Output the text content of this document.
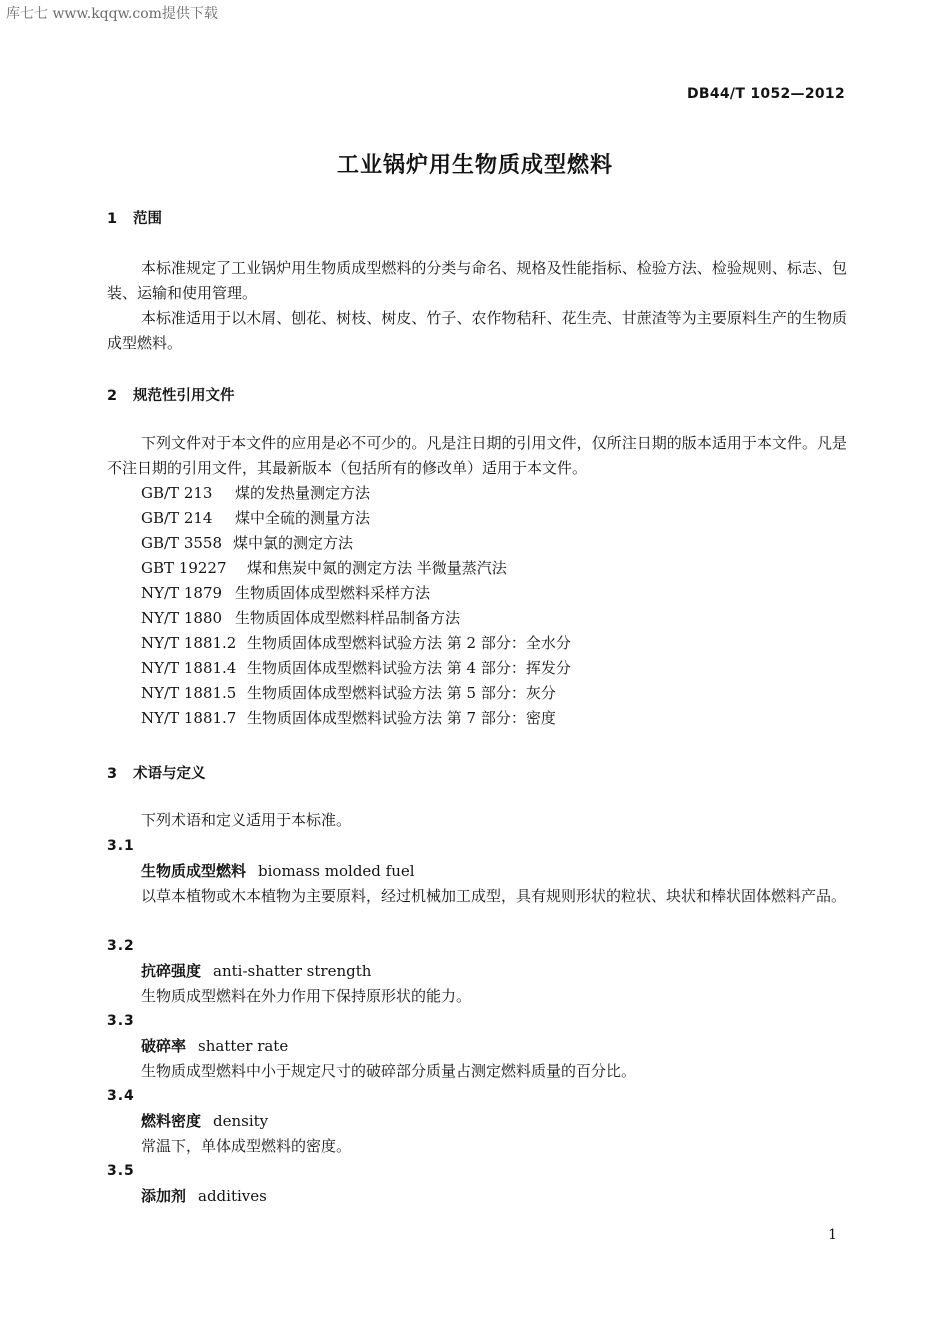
库七七 www.kqqw.com提供下载
DB44/T 1052—2012
工业锅炉用生物质成型燃料
1 范围
本标准规定了工业锅炉用生物质成型燃料的分类与命名、规格及性能指标、检验方法、检验规则、标志、包装、运输和使用管理。
本标准适用于以木屑、刨花、树枝、树皮、竹子、农作物秸秆、花生壳、甘蔗渣等为主要原料生产的生物质成型燃料。
2 规范性引用文件
下列文件对于本文件的应用是必不可少的。凡是注日期的引用文件，仅所注日期的版本适用于本文件。凡是不注日期的引用文件，其最新版本（包括所有的修改单）适用于本文件。
GB/T 213 煤的发热量测定方法
GB/T 214 煤中全硫的测量方法
GB/T 3558 煤中氯的测定方法
GBT 19227 煤和焦炭中氮的测定方法 半微量蒸汽法
NY/T 1879 生物质固体成型燃料采样方法
NY/T 1880 生物质固体成型燃料样品制备方法
NY/T 1881.2 生物质固体成型燃料试验方法 第 2 部分：全水分
NY/T 1881.4 生物质固体成型燃料试验方法 第 4 部分：挥发分
NY/T 1881.5 生物质固体成型燃料试验方法 第 5 部分：灰分
NY/T 1881.7 生物质固体成型燃料试验方法 第 7 部分：密度
3 术语与定义
下列术语和定义适用于本标准。
3.1
生物质成型燃料 biomass molded fuel
以草本植物或木本植物为主要原料，经过机械加工成型，具有规则形状的粒状、块状和棒状固体燃料产品。
3.2
抗碎强度 anti-shatter strength
生物质成型燃料在外力作用下保持原形状的能力。
3.3
破碎率 shatter rate
生物质成型燃料中小于规定尺寸的破碎部分质量占测定燃料质量的百分比。
3.4
燃料密度 density
常温下，单体成型燃料的密度。
3.5
添加剂 additives
1
